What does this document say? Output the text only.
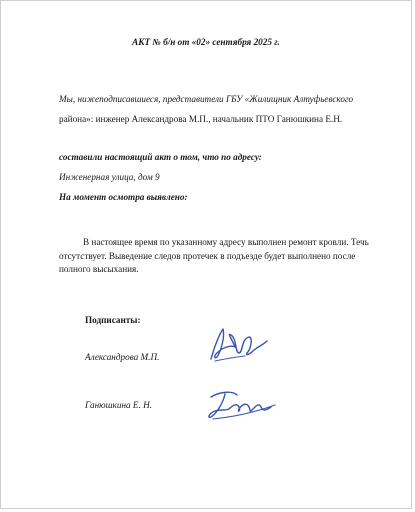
АКТ № б/н от «02» сентября 2025 г.
Мы, нижеподписавшиеся, представители ГБУ «Жилищник Алтуфьевского
района»: инженер Александрова М.П., начальник ПТО Ганюшкина Е.Н.
составили настоящий акт о том, что по адресу:
Инженерная улица, дом 9
На момент осмотра выявлено:
В настоящее время по указанному адресу выполнен ремонт кровли. Течь отсутствует. Выведение следов протечек в подъезде будет выполнено после полного высыхания.
Подписанты:
Александрова М.П.
Ганюшкина Е. Н.
